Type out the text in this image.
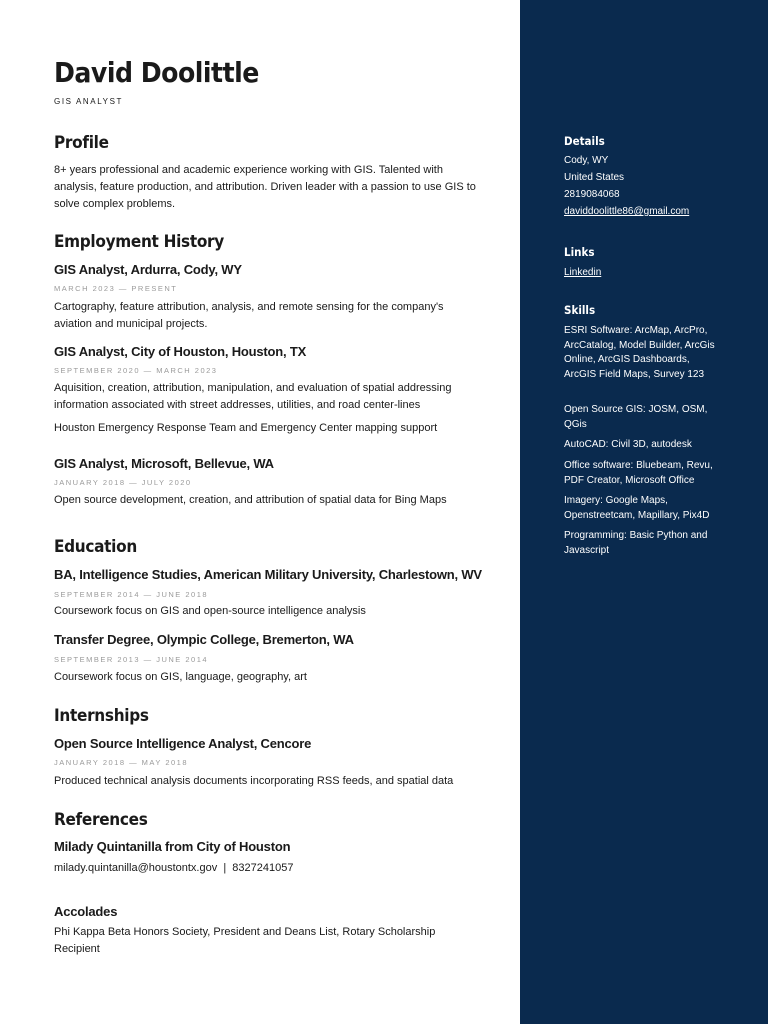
David Doolittle
GIS ANALYST
Profile
8+ years professional and academic experience working with GIS. Talented with analysis, feature production, and attribution. Driven leader with a passion to use GIS to solve complex problems.
Employment History
GIS Analyst, Ardurra, Cody, WY
MARCH 2023 — PRESENT
Cartography, feature attribution, analysis, and remote sensing for the company's aviation and municipal projects.
GIS Analyst, City of Houston, Houston, TX
SEPTEMBER 2020 — MARCH 2023
Aquisition, creation, attribution, manipulation, and evaluation of spatial addressing information associated with street addresses, utilities, and road center-lines
Houston Emergency Response Team and Emergency Center mapping support
GIS Analyst, Microsoft, Bellevue, WA
JANUARY 2018 — JULY 2020
Open source development, creation, and attribution of spatial data for Bing Maps
Education
BA, Intelligence Studies, American Military University, Charlestown, WV
SEPTEMBER 2014 — JUNE 2018
Coursework focus on GIS and open-source intelligence analysis
Transfer Degree, Olympic College, Bremerton, WA
SEPTEMBER 2013 — JUNE 2014
Coursework focus on GIS, language, geography, art
Internships
Open Source Intelligence Analyst, Cencore
JANUARY 2018 — MAY 2018
Produced technical analysis documents incorporating RSS feeds, and spatial data
References
Milady Quintanilla from City of Houston
milady.quintanilla@houstontx.gov  |  8327241057
Accolades
Phi Kappa Beta Honors Society, President and Deans List, Rotary Scholarship Recipient
Details
Cody, WY
United States
2819084068
daviddoolittle86@gmail.com
Links
Linkedin
Skills
ESRI Software: ArcMap, ArcPro, ArcCatalog, Model Builder, ArcGis Online, ArcGIS Dashboards, ArcGIS Field Maps, Survey 123
Open Source GIS: JOSM, OSM, QGis
AutoCAD: Civil 3D, autodesk
Office software: Bluebeam, Revu, PDF Creator, Microsoft Office
Imagery: Google Maps, Openstreetcam, Mapillary, Pix4D
Programming: Basic Python and Javascript
